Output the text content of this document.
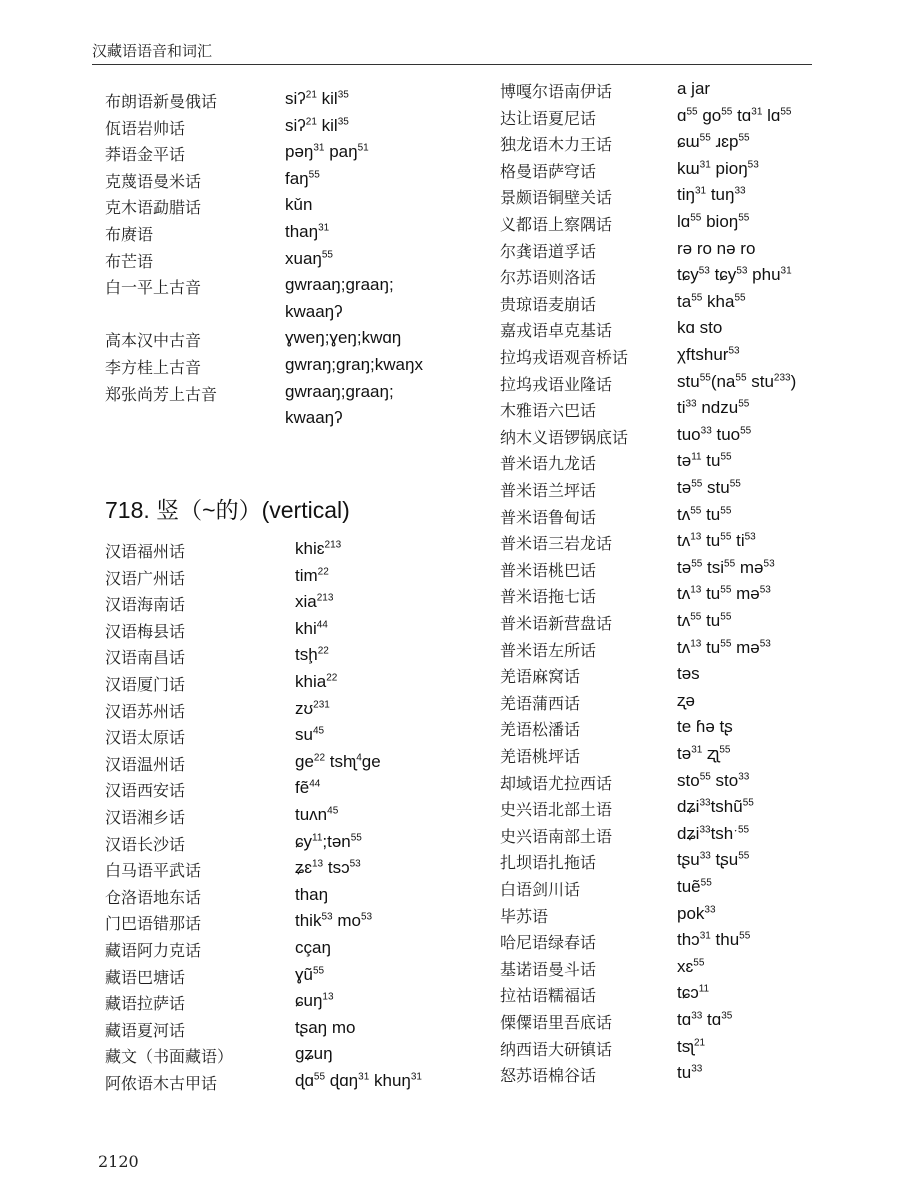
汉藏语语音和词汇
布朗语新曼俄话	siʔ$^{21}$ kil$^{35}$
佤语岩帅话	siʔ$^{21}$ kil$^{35}$
莽语金平话	pəŋ$^{31}$ paŋ$^{51}$
克蔑语曼米话	faŋ$^{55}$
克木语勐腊话	kǔn
布赓语	thaŋ$^{31}$
布芒语	xuaŋ$^{55}$
白一平上古音	gwraaŋ;graaŋ;
kwaaŋʔ
高本汉中古音	ɣweŋ;ɣeŋ;kwɑŋ
李方桂上古音	gwraŋ;graŋ;kwaŋx
郑张尚芳上古音	gwraaŋ;graaŋ;
kwaaŋʔ
718. 竖（~的）(vertical)
汉语福州话	khiɛ$^{213}$
汉语广州话	tim$^{22}$
汉语海南话	xia$^{213}$
汉语梅县话	khi$^{44}$
汉语南昌话	tsḩ$^{22}$
汉语厦门话	khia$^{22}$
汉语苏州话	zʊ$^{231}$
汉语太原话	$su^{45}$
汉语温州话	$ge^{22}$ tshʅ$^4$ge
汉语西安话	fẽ$^{44}$
汉语湘乡话	tuʌn$^{45}$
汉语长沙话	ɕy$^{11}$;tən$^{55}$
白马语平武话	ʑɛ$^{13}$ tsɔ$^{53}$
仓洛语地东话	thaŋ
门巴语错那话	thik$^{53}$ $mo^{53}$
藏语阿力克话	cçaŋ
藏语巴塘话	ɣũ$^{55}$
藏语拉萨话	ɕuŋ$^{13}$
藏语夏河话	tʂaŋ mo
藏文（书面藏语）	gʑuŋ
阿侬语木古甲话	ɖɑ$^{55}$ ɖɑŋ$^{31}$ khuŋ$^{31}$
博嘎尔语南伊话	a jar
达让语夏尼话	ɑ$^{55}$ $go^{55}$ tɑ$^{31}$ lɑ$^{55}$
独龙语木力王话	ɕɯ$^{55}$ ɹɛp$^{55}$
格曼语萨穹话	kɯ$^{31}$ pioŋ$^{53}$
景颇语铜壁关话	tiŋ$^{31}$ tuŋ$^{33}$
义都语上察隅话	lɑ$^{55}$ bioŋ$^{55}$
尔龚语道孚话	rə ro nə ro
尔苏语则洛话	tɕy$^{53}$ tɕy$^{53}$ phu$^{31}$
贵琼语麦崩话	$ta^{55}$ kha$^{55}$
嘉戎语卓克基话	kɑ sto
拉坞戎语观音桥话	χftshur$^{53}$
拉坞戎语业隆话	$stu^{55}(na^{55}$ stu$^{233}$)
木雅语六巴话	$ti^{33}$ ndzu$^{55}$
纳木义语锣锅底话	tuo$^{33}$ tuo$^{55}$
普米语九龙话	tə$^{11}$ $tu^{55}$
普米语兰坪话	tə$^{55}$ stu$^{55}$
普米语鲁甸话	tʌ$^{55}$ $tu^{55}$
普米语三岩龙话	tʌ$^{13}$ $tu^{55}$ $ti^{53}$
普米语桃巴话	tə$^{55}$ tsi$^{55}$ mə$^{53}$
普米语拖七话	tʌ$^{13}$ $tu^{55}$ mə$^{53}$
普米语新营盘话	tʌ$^{55}$ $tu^{55}$
普米语左所话	tʌ$^{13}$ $tu^{55}$ mə$^{53}$
羌语麻窝话	təs
羌语蒲西话	ʐə
羌语松潘话	te ɦə tʂ
羌语桃坪话	tə$^{31}$ ʐʅ$^{55}$
却域语尤拉西话	sto$^{55}$ sto$^{33}$
史兴语北部土语	dʑi$^{33}$tshũ$^{55}$
史兴语南部土语	dʑi$^{33}$tshˑ$^{55}$
扎坝语扎拖话	tʂu$^{33}$ tʂu$^{55}$
白语剑川话	tuẽ$^{55}$
毕苏语	pok$^{33}$
哈尼语绿春话	thɔ$^{31}$ thu$^{55}$
基诺语曼斗话	xɛ$^{55}$
拉祜语糯福话	tɕɔ$^{11}$
傈僳语里吾底话	tɑ$^{33}$ tɑ$^{35}$
纳西语大研镇话	tsʅ$^{21}$
怒苏语棉谷话	$tu^{33}$
2120
